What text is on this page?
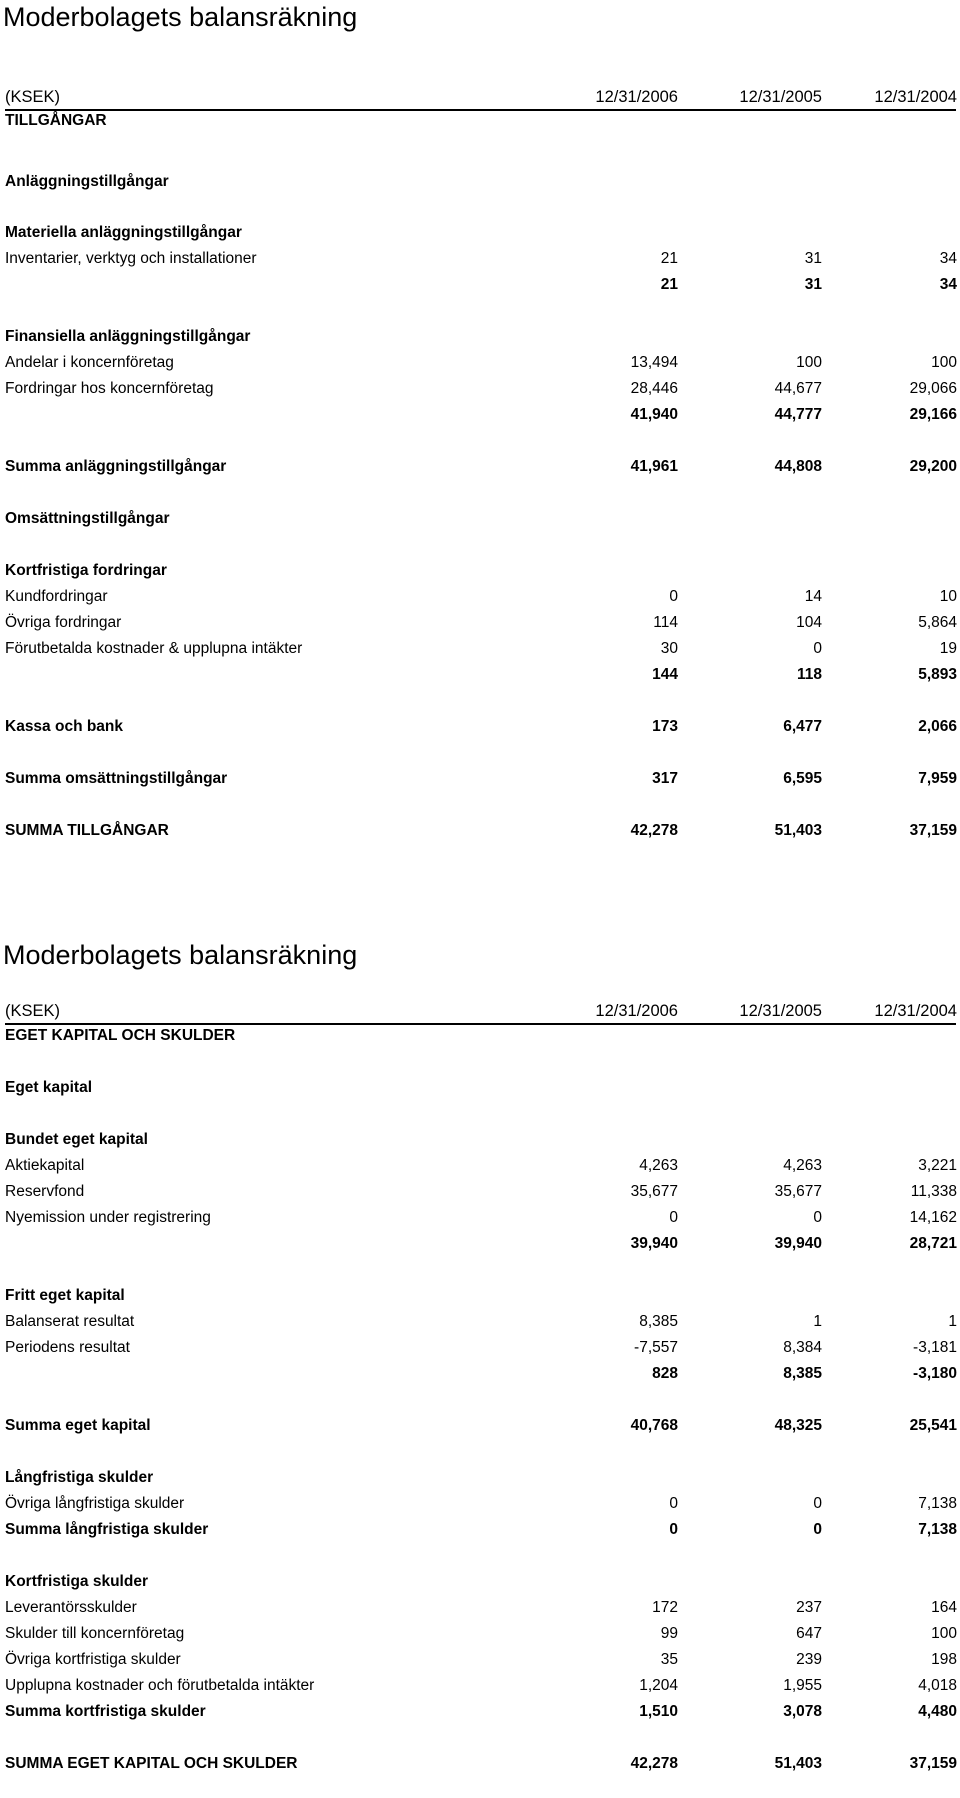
Moderbolagets balansräkning
(KSEK)	12/31/2006	12/31/2005	12/31/2004
TILLGÅNGAR
Anläggningstillgångar
Materiella anläggningstillgångar
Inventarier, verktyg och installationer	21	31	34
21	31	34
Finansiella anläggningstillgångar
Andelar i koncernföretag	13,494	100	100
Fordringar hos koncernföretag	28,446	44,677	29,066
41,940	44,777	29,166
Summa anläggningstillgångar	41,961	44,808	29,200
Omsättningstillgångar
Kortfristiga fordringar
Kundfordringar	0	14	10
Övriga fordringar	114	104	5,864
Förutbetalda kostnader & upplupna intäkter	30	0	19
144	118	5,893
Kassa och bank	173	6,477	2,066
Summa omsättningstillgångar	317	6,595	7,959
SUMMA TILLGÅNGAR	42,278	51,403	37,159
Moderbolagets balansräkning
(KSEK)	12/31/2006	12/31/2005	12/31/2004
EGET KAPITAL OCH SKULDER
Eget kapital
Bundet eget kapital
Aktiekapital	4,263	4,263	3,221
Reservfond	35,677	35,677	11,338
Nyemission under registrering	0	0	14,162
39,940	39,940	28,721
Fritt eget kapital
Balanserat resultat	8,385	1	1
Periodens resultat	-7,557	8,384	-3,181
828	8,385	-3,180
Summa eget kapital	40,768	48,325	25,541
Långfristiga skulder
Övriga långfristiga skulder	0	0	7,138
Summa långfristiga skulder	0	0	7,138
Kortfristiga skulder
Leverantörsskulder	172	237	164
Skulder till koncernföretag	99	647	100
Övriga kortfristiga skulder	35	239	198
Upplupna kostnader och förutbetalda intäkter	1,204	1,955	4,018
Summa kortfristiga skulder	1,510	3,078	4,480
SUMMA EGET KAPITAL OCH SKULDER	42,278	51,403	37,159
